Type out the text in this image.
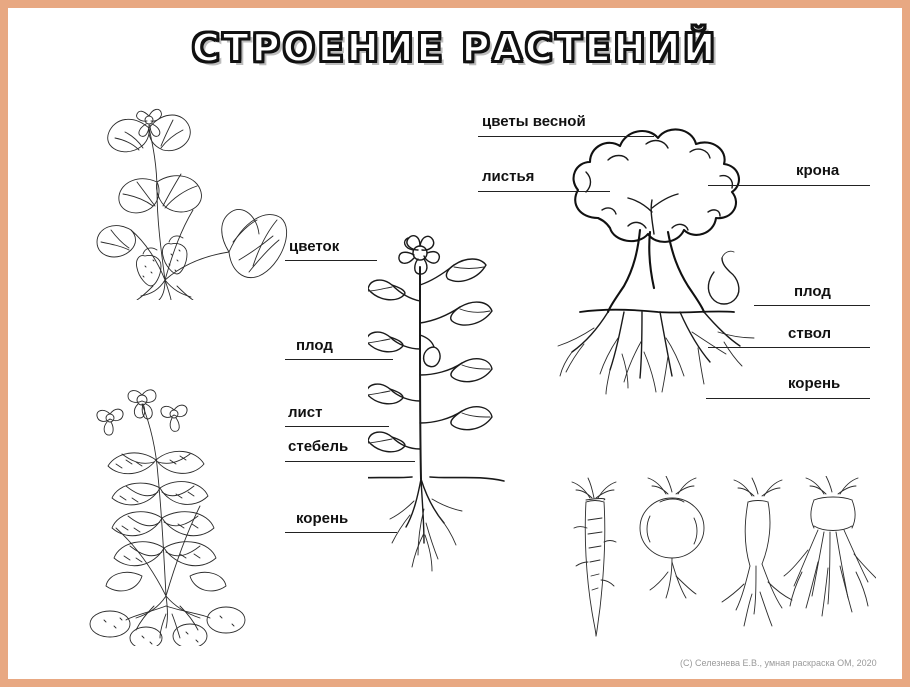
СТРОЕНИЕ РАСТЕНИЙ
цветок
плод
лист
стебель
корень
цветы весной
листья	крона
плод
ствол
корень
(C) Селезнева Е.В., умная раскраска ОМ, 2020
